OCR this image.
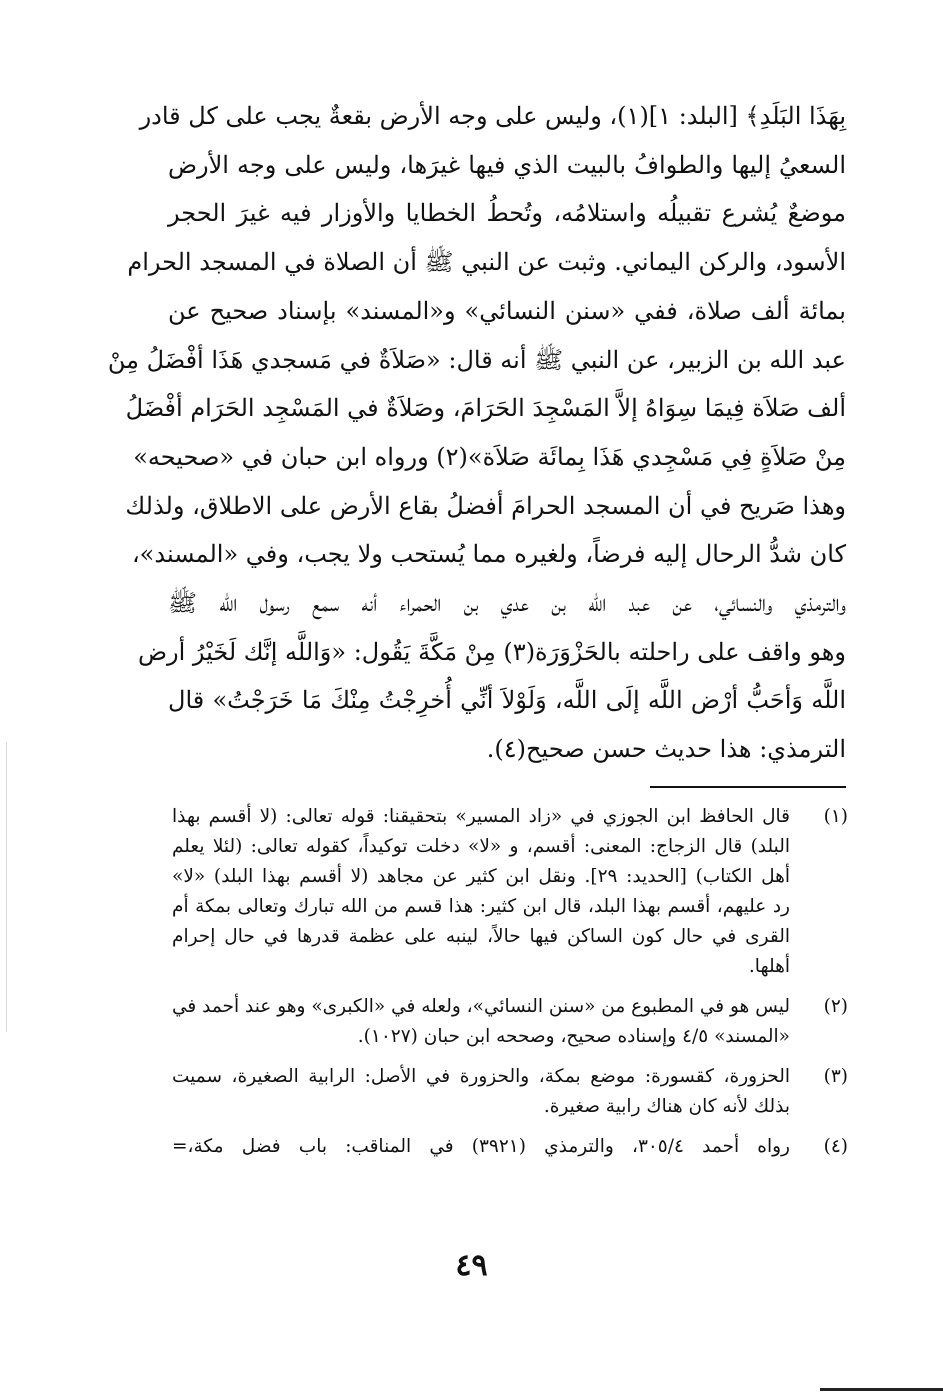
بِهَذَا البَلَدِ﴾ [البلد: ١](١)، وليس على وجه الأرض بقعةٌ يجب على كل قادر
السعيُ إليها والطوافُ بالبيت الذي فيها غيرَها، وليس على وجه الأرض
موضعٌ يُشرع تقبيلُه واستلامُه، وتُحطُ الخطايا والأوزار فيه غيرَ الحجر
الأسود، والركن اليماني. وثبت عن النبي ﷺ أن الصلاة في المسجد الحرام
بمائة ألف صلاة، ففي «سنن النسائي» و«المسند» بإسناد صحيح عن
عبد الله بن الزبير، عن النبي ﷺ أنه قال: «صَلاَةٌ في مَسجدي هَذَا أفْضَلُ مِنْ
ألف صَلاَة فِيمَا سِوَاهُ إلاَّ المَسْجِدَ الحَرَامَ، وصَلاَةٌ في المَسْجِد الحَرَام أفْضَلُ
مِنْ صَلاَةٍ فِي مَسْجِدي هَذَا بِمائَة صَلاَة»(٢) ورواه ابن حبان في «صحيحه»
وهذا صَريح في أن المسجد الحرامَ أفضلُ بقاع الأرض على الاطلاق، ولذلك
كان شدُّ الرحال إليه فرضاً، ولغيره مما يُستحب ولا يجب، وفي «المسند»،
والترمذي والنسائي، عن عبد الله بن عدي بن الحمراء أنه سمع رسول الله ﷺ
وهو واقف على راحلته بالحَزْوَرَة(٣) مِنْ مَكَّةَ يَقُول: «وَاللَّه إنَّك لَخَيْرُ أرض
اللَّه وَأحَبُّ أرْض اللَّه إلَى اللَّه، وَلَوْلاَ أنِّي أُخرِجْتُ مِنْكَ مَا خَرَجْتُ» قال
الترمذي: هذا حديث حسن صحيح(٤).
(١)
قال الحافظ ابن الجوزي في «زاد المسير» بتحقيقنا: قوله تعالى: (لا أقسم بهذا
البلد) قال الزجاج: المعنى: أقسم، و «لا» دخلت توكيداً، كقوله تعالى: (لئلا يعلم
أهل الكتاب) [الحديد: ٢٩]. ونقل ابن كثير عن مجاهد (لا أقسم بهذا البلد) «لا»
رد عليهم، أقسم بهذا البلد، قال ابن كثير: هذا قسم من الله تبارك وتعالى بمكة أم
القرى في حال كون الساكن فيها حالاً، لينبه على عظمة قدرها في حال إحرام
أهلها.
(٢)
ليس هو في المطبوع من «سنن النسائي»، ولعله في «الكبرى» وهو عند أحمد في
«المسند» ٤/٥ وإسناده صحيح، وصححه ابن حبان (١٠٢٧).
(٣)
الحزورة، كقسورة: موضع بمكة، والحزورة في الأصل: الرابية الصغيرة، سميت
بذلك لأنه كان هناك رابية صغيرة.
(٤)
رواه أحمد ٣٠٥/٤، والترمذي (٣٩٢١) في المناقب: باب فضل مكة،=
٤٩
